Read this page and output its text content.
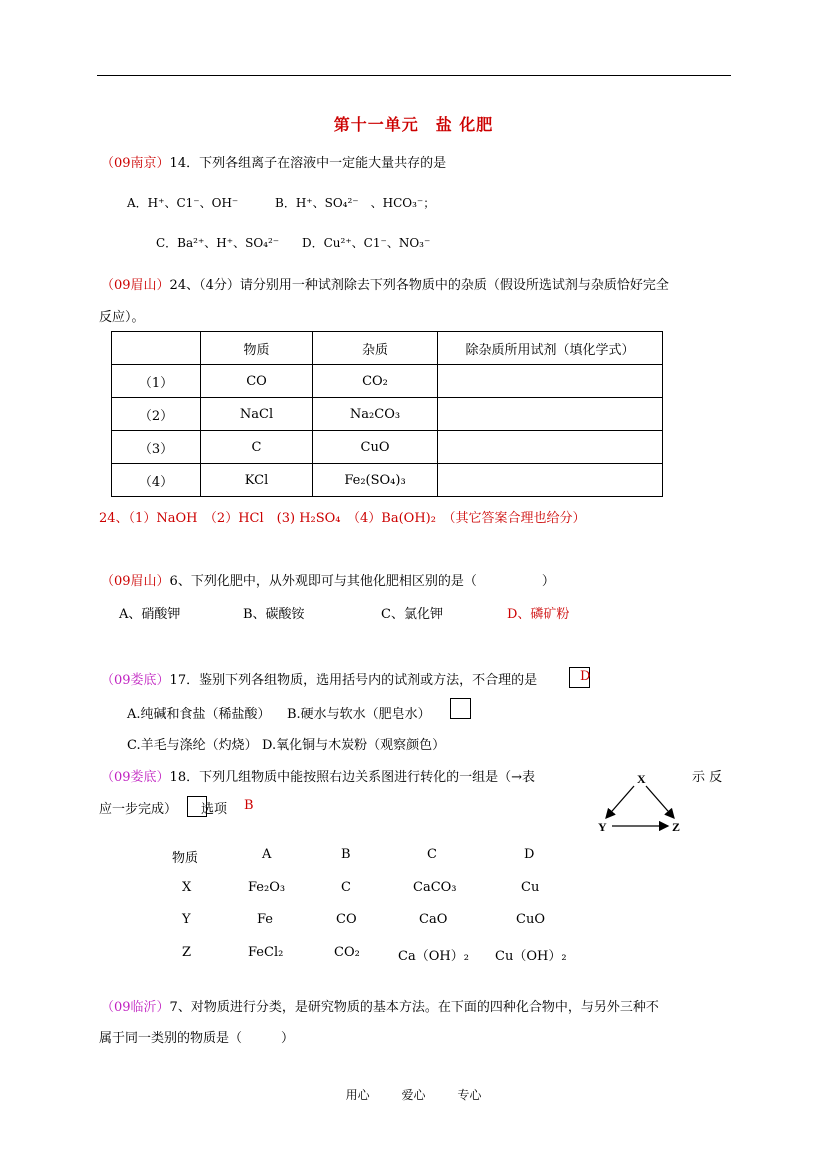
第十一单元　盐 化肥
（09南京）14．下列各组离子在溶液中一定能大量共存的是
A．H⁺、C1⁻、OH⁻	B．H⁺、SO₄²⁻　、HCO₃⁻；
C．Ba²⁺、H⁺、SO₄²⁻ D．Cu²⁺、C1⁻、NO₃⁻
（09眉山）24、（4分）请分别用一种试剂除去下列各物质中的杂质（假设所选试剂与杂质恰好完全
反应）。
	物质	杂质	除杂质所用试剂（填化学式）
（1）	CO	CO₂	
（2）	NaCl	Na₂CO₃	
（3）	C	CuO	
（4）	KCl	Fe₂(SO₄)₃	
24、（1）NaOH　（2）HCl　(3) H₂SO₄　（4）Ba(OH)₂　（其它答案合理也给分）
（09眉山）6、下列化肥中，从外观即可与其他化肥相区别的是（　　　　　）
A、硝酸钾	B、碳酸铵	C、氯化钾	D、磷矿粉
（09娄底）17．鉴别下列各组物质，选用括号内的试剂或方法，不合理的是	D
A.纯碱和食盐（稀盐酸） B.硬水与软水（肥皂水）
C.羊毛与涤纶（灼烧） D.氧化铜与木炭粉（观察颜色）
（09娄底）18．下列几组物质中能按照右边关系图进行转化的一组是（→表	示 反
应一步完成） 选项 B
X
Y	Z
物质	A	B	C	D
X	Fe₂O₃	C	CaCO₃	Cu
Y	Fe	CO	CaO	CuO
Z	FeCl₂	CO₂	Ca（OH）₂ Cu（OH）₂
（09临沂）7、对物质进行分类，是研究物质的基本方法。在下面的四种化合物中，与另外三种不
属于同一类别的物质是（　　　）
用心	爱心	专心
